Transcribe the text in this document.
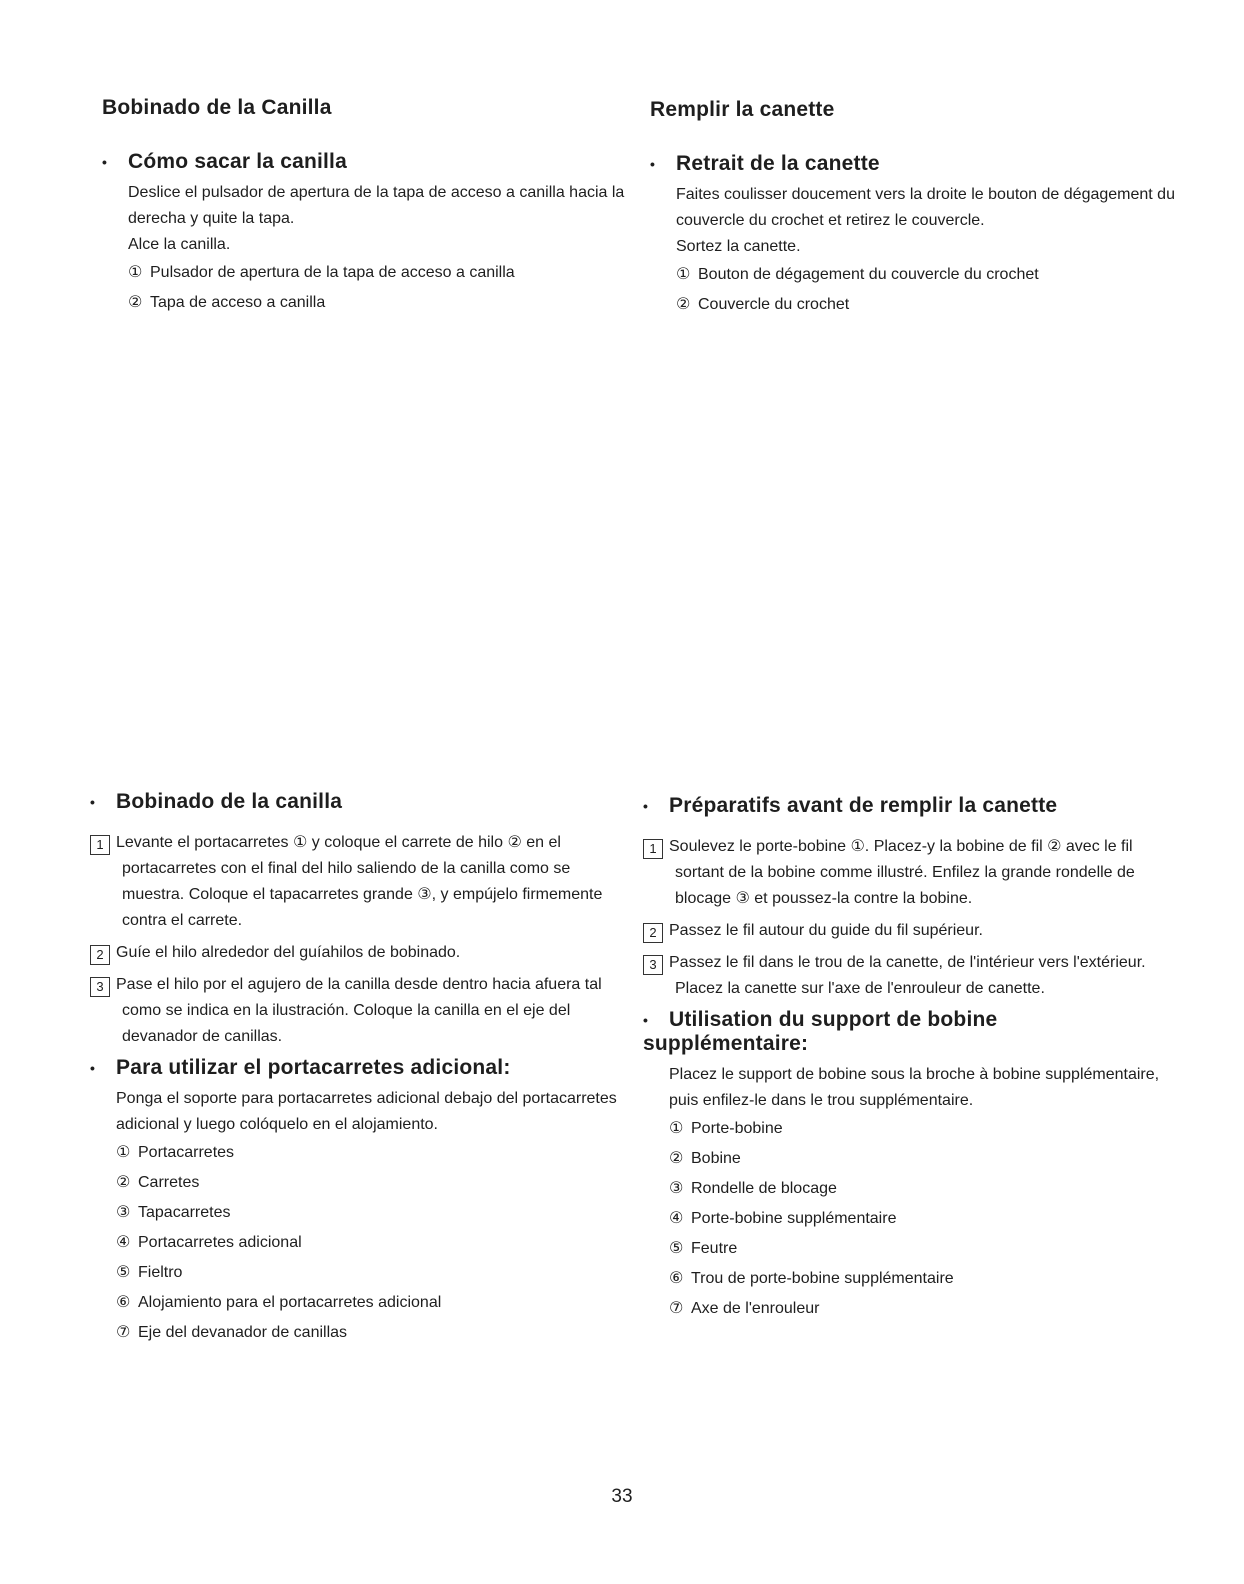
Bobinado de la Canilla
• Cómo sacar la canilla

Deslice el pulsador de apertura de la tapa de acceso a canilla hacia la derecha y quite la tapa.

Alce la canilla.

① Pulsador de apertura de la tapa de acceso a canilla
② Tapa de acceso a canilla
Remplir la canette
• Retrait de la canette

Faites coulisser doucement vers la droite le bouton de dégagement du couvercle du crochet et retirez le couvercle.

Sortez la canette.

① Bouton de dégagement du couvercle du crochet
② Couvercle du crochet
• Bobinado de la canilla

1 Levante el portacarretes ① y coloque el carrete de hilo ② en el portacarretes con el final del hilo saliendo de la canilla como se muestra. Coloque el tapacarretes grande ③, y empújelo firmemente contra el carrete.

2 Guíe el hilo alrededor del guíahilos de bobinado.

3 Pase el hilo por el agujero de la canilla desde dentro hacia afuera tal como se indica en la ilustración. Coloque la canilla en el eje del devanador de canillas.

• Para utilizar el portacarretes adicional:

Ponga el soporte para portacarretes adicional debajo del portacarretes adicional y luego colóquelo en el alojamiento.

① Portacarretes
② Carretes
③ Tapacarretes
④ Portacarretes adicional
⑤ Fieltro
⑥ Alojamiento para el portacarretes adicional
⑦ Eje del devanador de canillas
• Préparatifs avant de remplir la canette

1 Soulevez le porte-bobine ①. Placez-y la bobine de fil ② avec le fil sortant de la bobine comme illustré. Enfilez la grande rondelle de blocage ③ et poussez-la contre la bobine.

2 Passez le fil autour du guide du fil supérieur.

3 Passez le fil dans le trou de la canette, de l'intérieur vers l'extérieur. Placez la canette sur l'axe de l'enrouleur de canette.

• Utilisation du support de bobine
supplémentaire:

Placez le support de bobine sous la broche à bobine supplémentaire, puis enfilez-le dans le trou supplémentaire.

① Porte-bobine
② Bobine
③ Rondelle de blocage
④ Porte-bobine supplémentaire
⑤ Feutre
⑥ Trou de porte-bobine supplémentaire
⑦ Axe de l'enrouleur
33
